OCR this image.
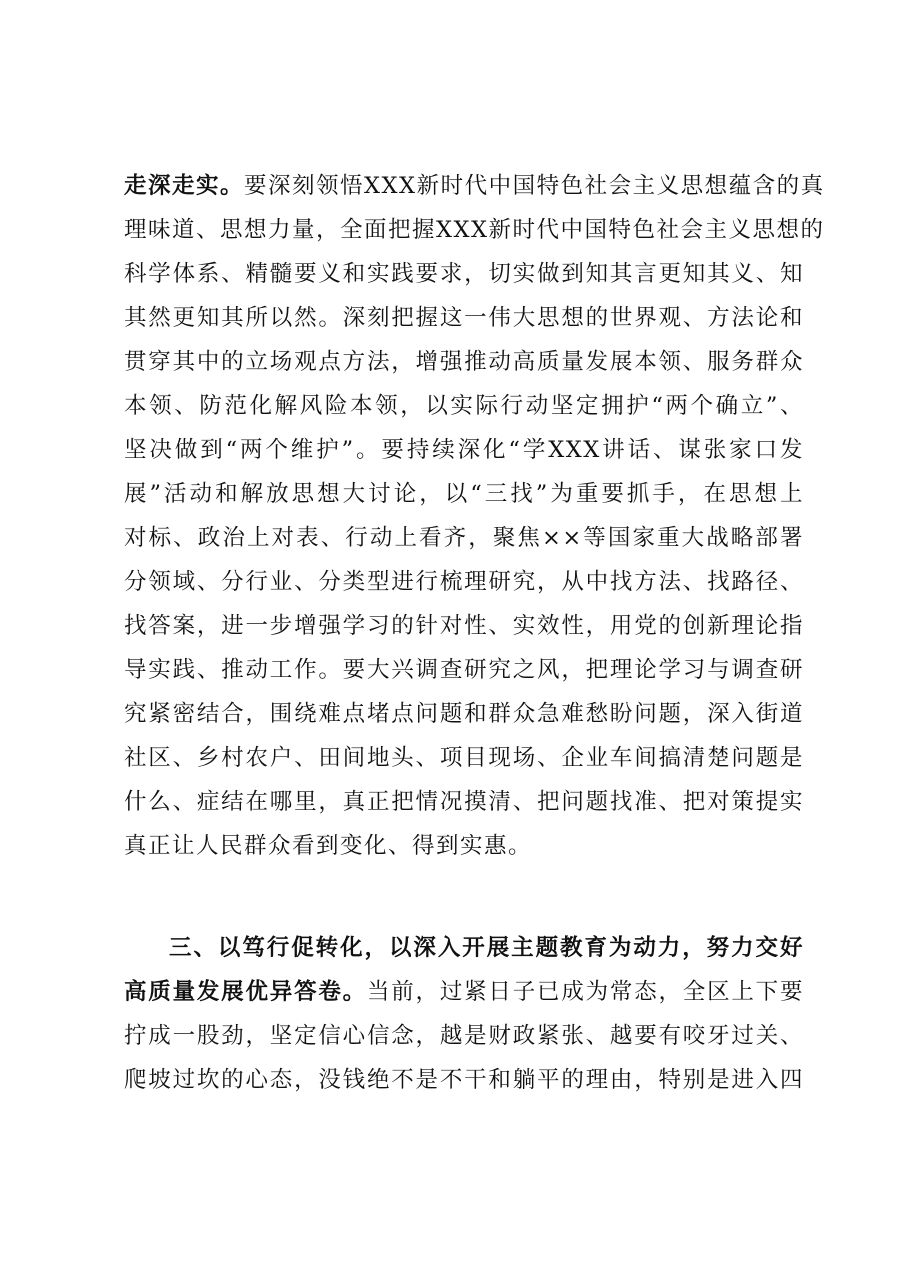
走深走实。要深刻领悟XXX新时代中国特色社会主义思想蕴含的真
理味道、思想力量，全面把握XXX新时代中国特色社会主义思想的
科学体系、精髓要义和实践要求，切实做到知其言更知其义、知
其然更知其所以然。深刻把握这一伟大思想的世界观、方法论和
贯穿其中的立场观点方法，增强推动高质量发展本领、服务群众
本领、防范化解风险本领，以实际行动坚定拥护“两个确立”、
坚决做到“两个维护”。要持续深化“学XXX讲话、谋张家口发
展”活动和解放思想大讨论，以“三找”为重要抓手，在思想上
对标、政治上对表、行动上看齐，聚焦××等国家重大战略部署
分领域、分行业、分类型进行梳理研究，从中找方法、找路径、
找答案，进一步增强学习的针对性、实效性，用党的创新理论指
导实践、推动工作。要大兴调查研究之风，把理论学习与调查研
究紧密结合，围绕难点堵点问题和群众急难愁盼问题，深入街道
社区、乡村农户、田间地头、项目现场、企业车间搞清楚问题是
什么、症结在哪里，真正把情况摸清、把问题找准、把对策提实
真正让人民群众看到变化、得到实惠。
三、以笃行促转化，以深入开展主题教育为动力，努力交好
高质量发展优异答卷。当前，过紧日子已成为常态，全区上下要
拧成一股劲，坚定信心信念，越是财政紧张、越要有咬牙过关、
爬坡过坎的心态，没钱绝不是不干和躺平的理由，特别是进入四
